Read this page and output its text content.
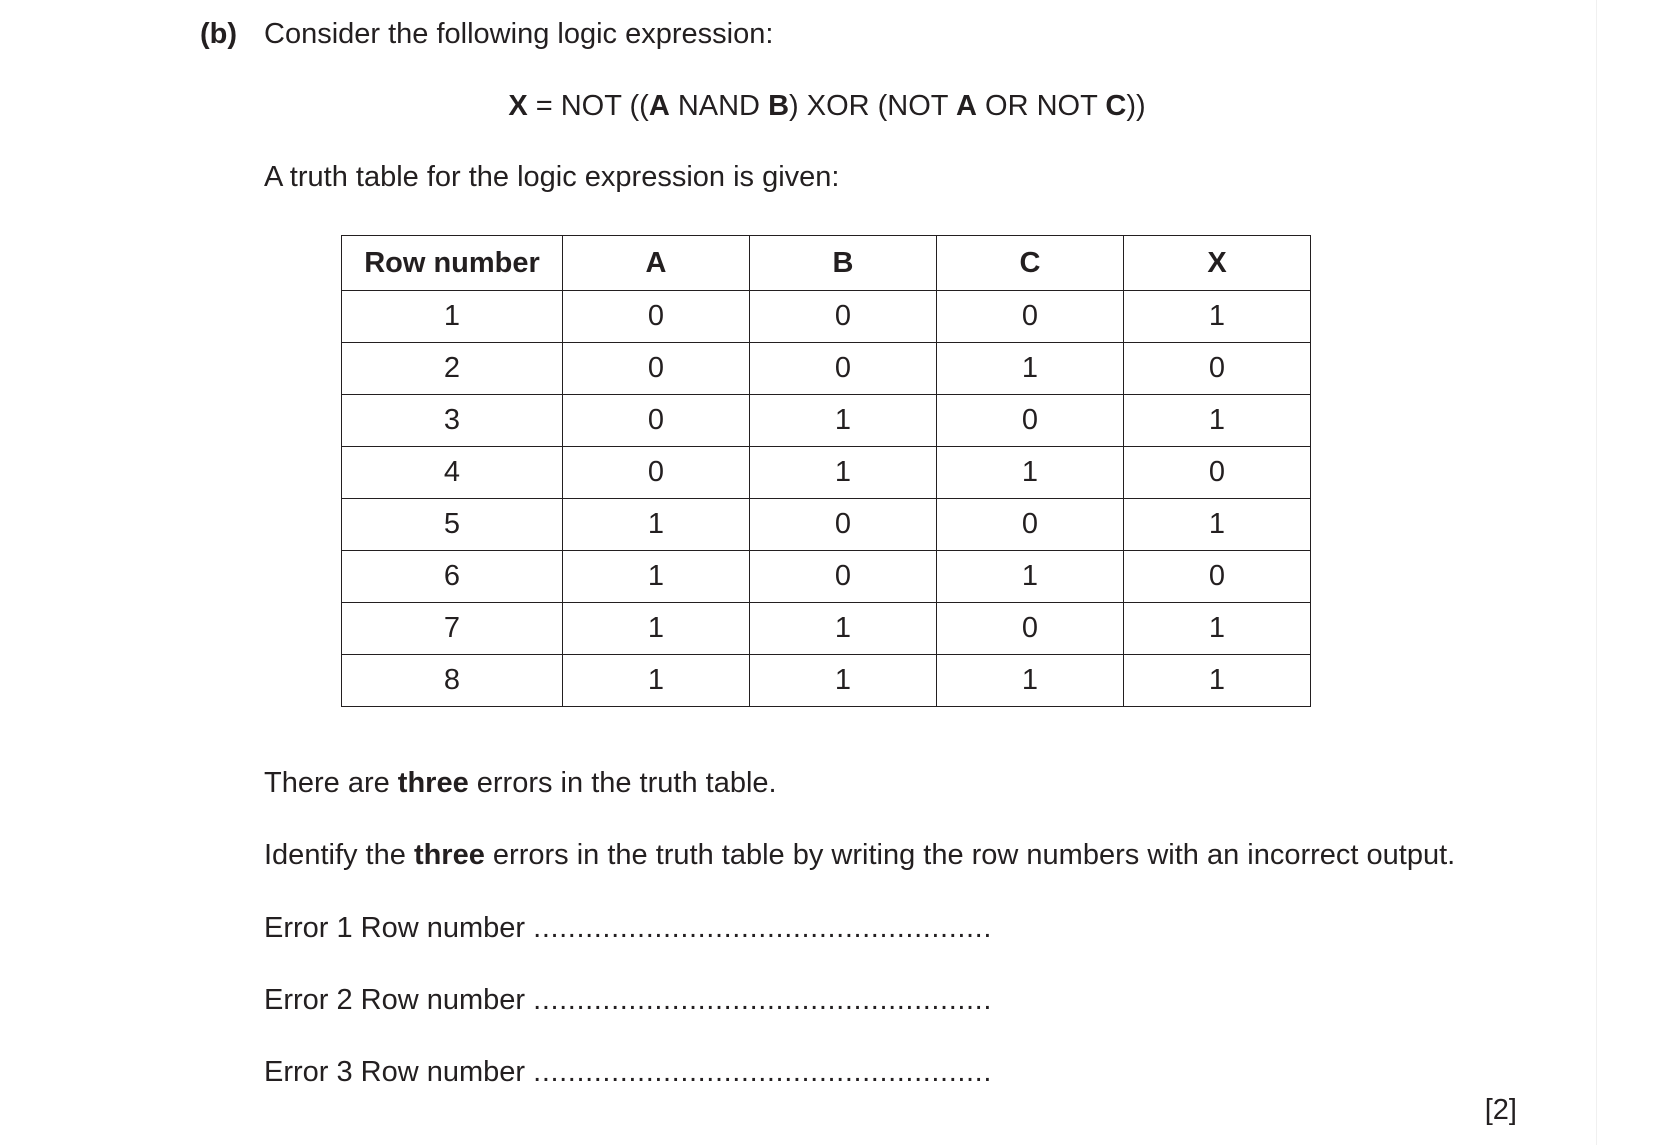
(b) Consider the following logic expression:
X = NOT ((A NAND B) XOR (NOT A OR NOT C))
A truth table for the logic expression is given:
Row number	A	B	C	X
1	0	0	0	1
2	0	0	1	0
3	0	1	0	1
4	0	1	1	0
5	1	0	0	1
6	1	0	1	0
7	1	1	0	1
8	1	1	1	1
There are three errors in the truth table.
Identify the three errors in the truth table by writing the row numbers with an incorrect output.
Error 1 Row number .....................................................
Error 2 Row number .....................................................
Error 3 Row number .....................................................
[2]
